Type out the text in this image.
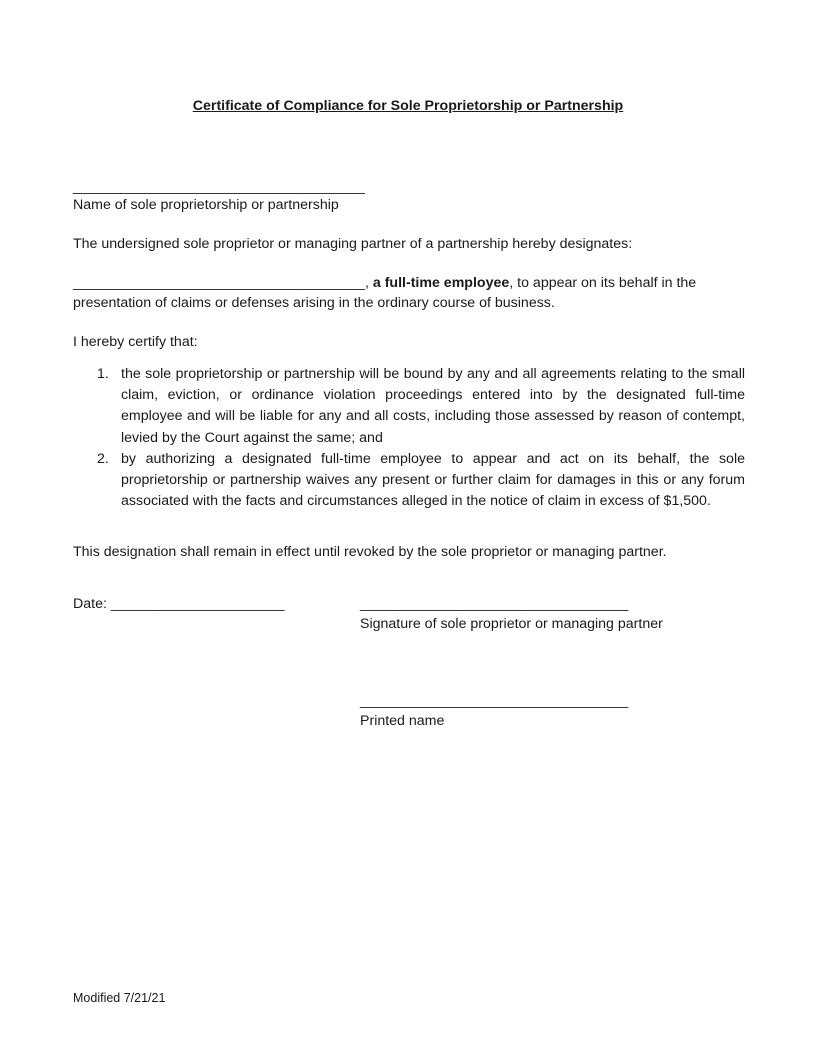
Certificate of Compliance for Sole Proprietorship or Partnership
_____________________________________
Name of sole proprietorship or partnership
The undersigned sole proprietor or managing partner of a partnership hereby designates:
_____________________________________, a full-time employee, to appear on its behalf in the
presentation of claims or defenses arising in the ordinary course of business.
I hereby certify that:
1. the sole proprietorship or partnership will be bound by any and all agreements relating to the small claim, eviction, or ordinance violation proceedings entered into by the designated full-time employee and will be liable for any and all costs, including those assessed by reason of contempt, levied by the Court against the same; and
2. by authorizing a designated full-time employee to appear and act on its behalf, the sole proprietorship or partnership waives any present or further claim for damages in this or any forum associated with the facts and circumstances alleged in the notice of claim in excess of $1,500.
This designation shall remain in effect until revoked by the sole proprietor or managing partner.
Date: ______________________	__________________________________
Signature of sole proprietor or managing partner
__________________________________
Printed name
Modified 7/21/21
